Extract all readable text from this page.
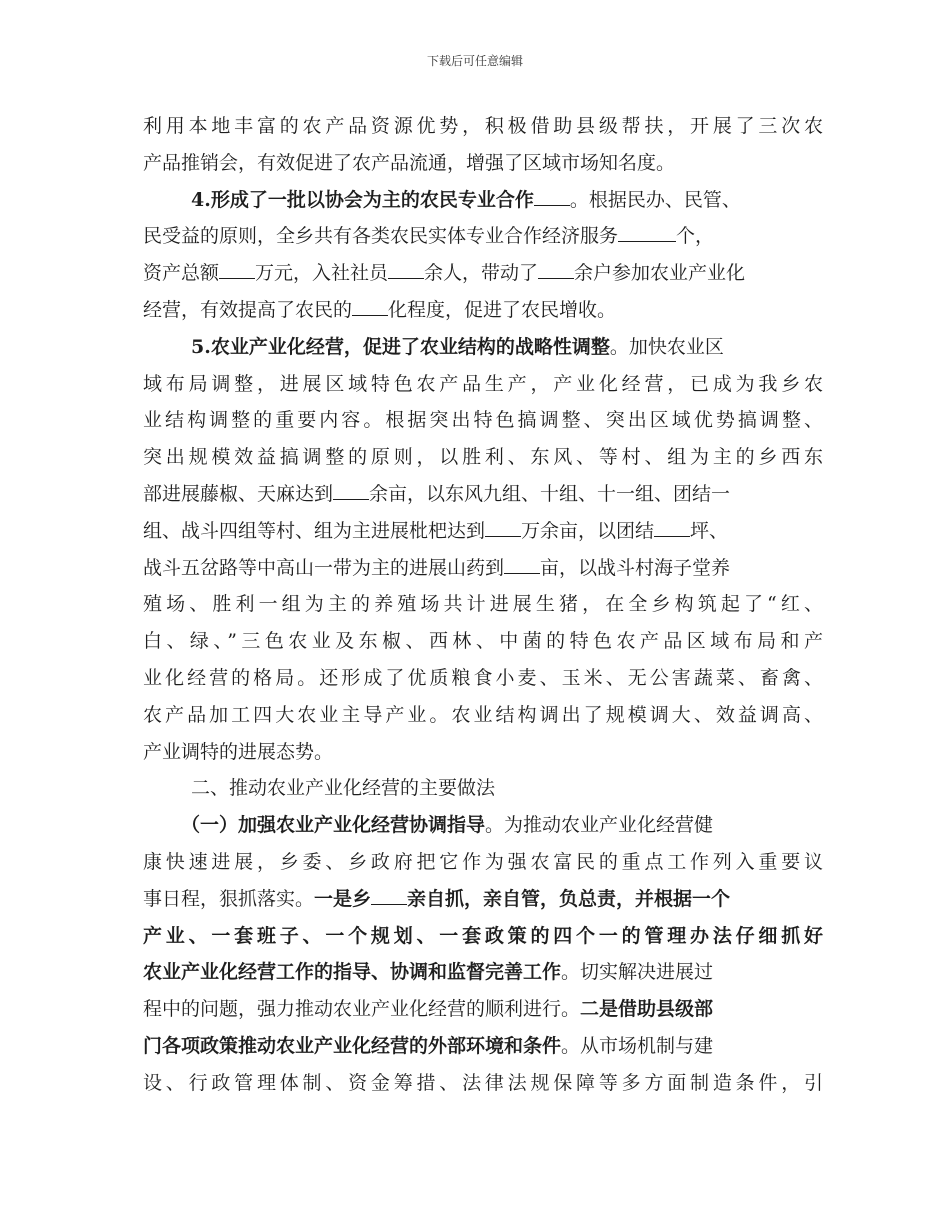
下载后可任意编辑
利用本地丰富的农产品资源优势，积极借助县级帮扶，开展了三次农
产品推销会，有效促进了农产品流通，增强了区域市场知名度。
4.形成了一批以协会为主的农民专业合作 。根据民办、民管、
民受益的原则，全乡共有各类农民实体专业合作经济服务	个，
资产总额 万元，入社社员 余人，带动了 余户参加农业产业化
经营，有效提高了农民的 化程度，促进了农民增收。
5.农业产业化经营，促进了农业结构的战略性调整。加快农业区
域布局调整，进展区域特色农产品生产，产业化经营，已成为我乡农
业结构调整的重要内容。根据突出特色搞调整、突出区域优势搞调整、
突出规模效益搞调整的原则，以胜利、东风、等村、组为主的乡西东
部进展藤椒、天麻达到 余亩，以东风九组、十组、十一组、团结一
组、战斗四组等村、组为主进展枇杷达到 万余亩，以团结 坪、
战斗五岔路等中高山一带为主的进展山药到 亩，以战斗村海子堂养
殖场、胜利一组为主的养殖场共计进展生猪，在全乡构筑起了“红、
白、绿、”三色农业及东椒、西林、中菌的特色农产品区域布局和产
业化经营的格局。还形成了优质粮食小麦、玉米、无公害蔬菜、畜禽、
农产品加工四大农业主导产业。农业结构调出了规模调大、效益调高、
产业调特的进展态势。
二、推动农业产业化经营的主要做法
（一）加强农业产业化经营协调指导。为推动农业产业化经营健
康快速进展，乡委、乡政府把它作为强农富民的重点工作列入重要议
事日程，狠抓落实。一是乡 亲自抓，亲自管，负总责，并根据一个
产业、一套班子、一个规划、一套政策的四个一的管理办法仔细抓好
农业产业化经营工作的指导、协调和监督完善工作。切实解决进展过
程中的问题，强力推动农业产业化经营的顺利进行。二是借助县级部
门各项政策推动农业产业化经营的外部环境和条件。从市场机制与建
设、行政管理体制、资金筹措、法律法规保障等多方面制造条件，引
